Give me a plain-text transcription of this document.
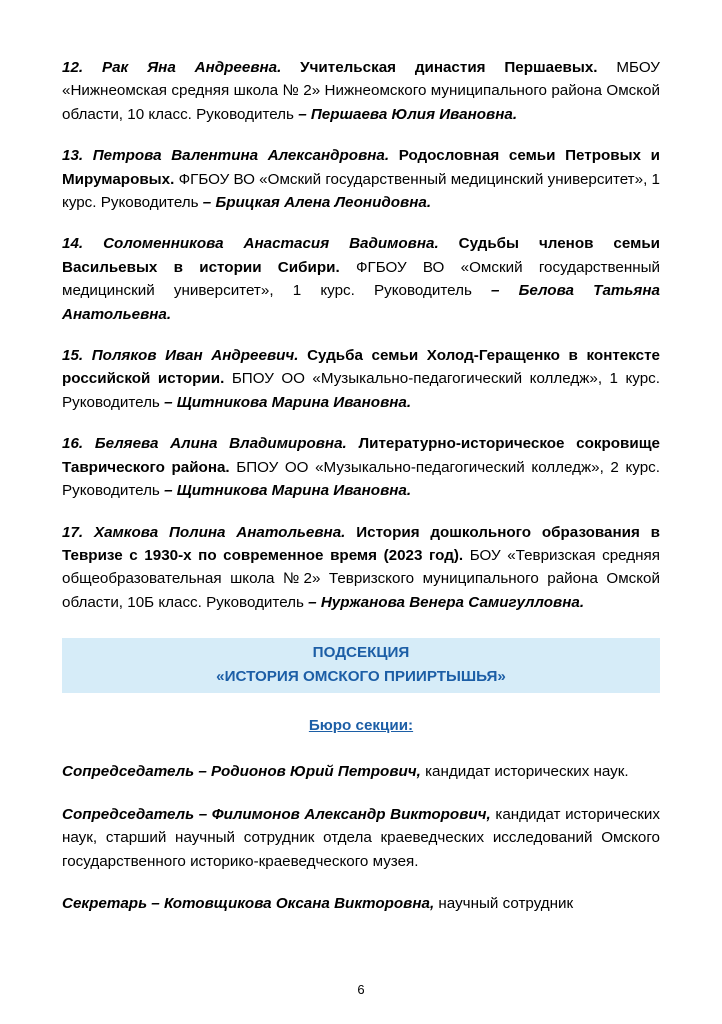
12. Рак Яна Андреевна. Учительская династия Першаевых. МБОУ «Нижнеомская средняя школа № 2» Нижнеомского муниципального района Омской области, 10 класс. Руководитель – Першаева Юлия Ивановна.

13. Петрова Валентина Александровна. Родословная семьи Петровых и Мирумаровых. ФГБОУ ВО «Омский государственный медицинский университет», 1 курс. Руководитель – Брицкая Алена Леонидовна.

14. Соломенникова Анастасия Вадимовна. Судьбы членов семьи Васильевых в истории Сибири. ФГБОУ ВО «Омский государственный медицинский университет», 1 курс. Руководитель – Белова Татьяна Анатольевна.

15. Поляков Иван Андреевич. Судьба семьи Холод-Геращенко в контексте российской истории. БПОУ ОО «Музыкально-педагогический колледж», 1 курс. Руководитель – Щитникова Марина Ивановна.

16. Беляева Алина Владимировна. Литературно-историческое сокровище Таврического района. БПОУ ОО «Музыкально-педагогический колледж», 2 курс. Руководитель – Щитникова Марина Ивановна.

17. Хамкова Полина Анатольевна. История дошкольного образования в Тевризе с 1930-х по современное время (2023 год). БОУ «Тевризская средняя общеобразовательная школа №2» Тевризского муниципального района Омской области, 10Б класс. Руководитель – Нуржанова Венера Самигулловна.

ПОДСЕКЦИЯ
«ИСТОРИЯ ОМСКОГО ПРИИРТЫШЬЯ»
Бюро секции:

Сопредседатель – Родионов Юрий Петрович, кандидат исторических наук.

Сопредседатель – Филимонов Александр Викторович, кандидат исторических наук, старший научный сотрудник отдела краеведческих исследований Омского государственного историко-краеведческого музея.

Секретарь – Котовщикова Оксана Викторовна, научный сотрудник

6
